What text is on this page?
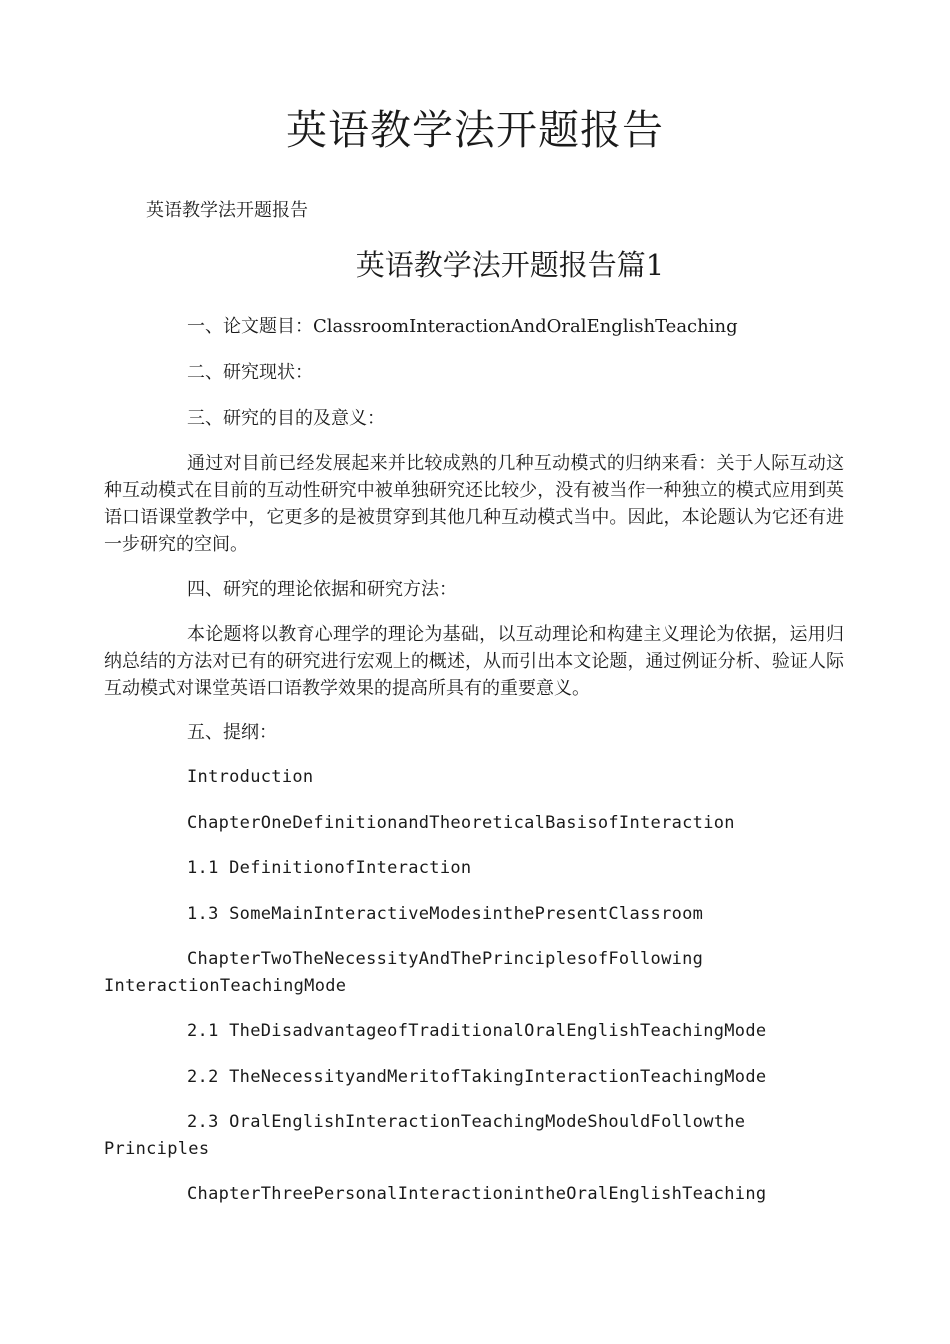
英语教学法开题报告
英语教学法开题报告
英语教学法开题报告篇1
一、论文题目：ClassroomInteractionAndOralEnglishTeaching
二、研究现状：
三、研究的目的及意义：
通过对目前已经发展起来并比较成熟的几种互动模式的归纳来看：关于人际互动这种互动模式在目前的互动性研究中被单独研究还比较少，没有被当作一种独立的模式应用到英语口语课堂教学中，它更多的是被贯穿到其他几种互动模式当中。因此，本论题认为它还有进一步研究的空间。
四、研究的理论依据和研究方法：
本论题将以教育心理学的理论为基础，以互动理论和构建主义理论为依据，运用归纳总结的方法对已有的研究进行宏观上的概述，从而引出本文论题，通过例证分析、验证人际互动模式对课堂英语口语教学效果的提高所具有的重要意义。
五、提纲：
Introduction
ChapterOneDefinitionandTheoreticalBasisofInteraction
1.1 DefinitionofInteraction
1.3 SomeMainInteractiveModesinthePresentClassroom
ChapterTwoTheNecessityAndThePrinciplesofFollowing InteractionTeachingMode
2.1 TheDisadvantageofTraditionalOralEnglishTeachingMode
2.2 TheNecessityandMeritofTakingInteractionTeachingMode
2.3 OralEnglishInteractionTeachingModeShouldFollowthe Principles
ChapterThreePersonalInteractionintheOralEnglishTeaching
